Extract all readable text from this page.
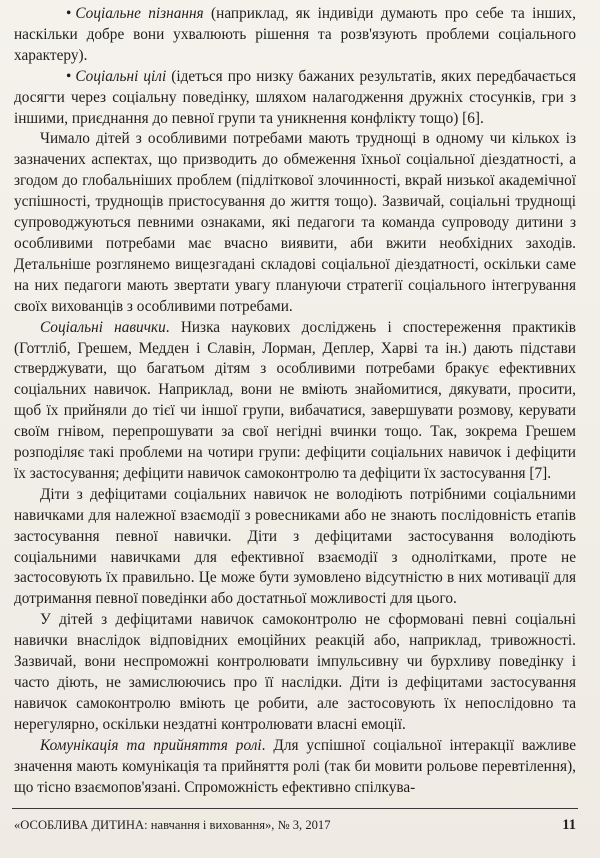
• Соціальне пізнання (наприклад, як індивіди думають про себе та інших, наскільки добре вони ухвалюють рішення та розв'язують проблеми соціального характеру).

• Соціальні цілі (ідеться про низку бажаних результатів, яких передбачається досягти через соціальну поведінку, шляхом налагодження дружніх стосунків, гри з іншими, приєднання до певної групи та уникнення конфлікту тощо) [6].

Чимало дітей з особливими потребами мають труднощі в одному чи кількох із зазначених аспектах, що призводить до обмеження їхньої соціальної діездатності, а згодом до глобальніших проблем (підліткової злочинності, вкрай низької академічної успішності, труднощів пристосування до життя тощо). Зазвичай, соціальні труднощі супроводжуються певними ознаками, які педагоги та команда супроводу дитини з особливими потребами має вчасно виявити, аби вжити необхідних заходів. Детальніше розглянемо вищезгадані складові соціальної діездатності, оскільки саме на них педагоги мають звертати увагу плануючи стратегії соціального інтегрування своїх вихованців з особливими потребами.

Соціальні навички. Низка наукових досліджень і спостереження практиків (Готтліб, Грешем, Медден і Славін, Лорман, Деплер, Харві та ін.) дають підстави стверджувати, що багатьом дітям з особливими потребами бракує ефективних соціальних навичок. Наприклад, вони не вміють знайомитися, дякувати, просити, щоб їх прийняли до тієї чи іншої групи, вибачатися, завершувати розмову, керувати своїм гнівом, перепрошувати за свої негідні вчинки тощо. Так, зокрема Грешем розподіляє такі проблеми на чотири групи: дефіцити соціальних навичок і дефіцити їх застосування; дефіцити навичок самоконтролю та дефіцити їх застосування [7].

Діти з дефіцитами соціальних навичок не володіють потрібними соціальними навичками для належної взаємодії з ровесниками або не знають послідовність етапів застосування певної навички. Діти з дефіцитами застосування володіють соціальними навичками для ефективної взаємодії з однолітками, проте не застосовують їх правильно. Це може бути зумовлено відсутністю в них мотивації для дотримання певної поведінки або достатньої можливості для цього.

У дітей з дефіцитами навичок самоконтролю не сформовані певні соціальні навички внаслідок відповідних емоційних реакцій або, наприклад, тривожності. Зазвичай, вони неспроможні контролювати імпульсивну чи бурхливу поведінку і часто діють, не замислюючись про її наслідки. Діти із дефіцитами застосування навичок самоконтролю вміють це робити, але застосовують їх непослідовно та нерегулярно, оскільки нездатні контролювати власні емоції.

Комунікація та прийняття ролі. Для успішної соціальної інтеракції важливе значення мають комунікація та прийняття ролі (так би мовити рольове перевтілення), що тісно взаємопов'язані. Спроможність ефективно спілкува-

«ОСОБЛИВА ДИТИНА: навчання і виховання», № 3, 2017	11
